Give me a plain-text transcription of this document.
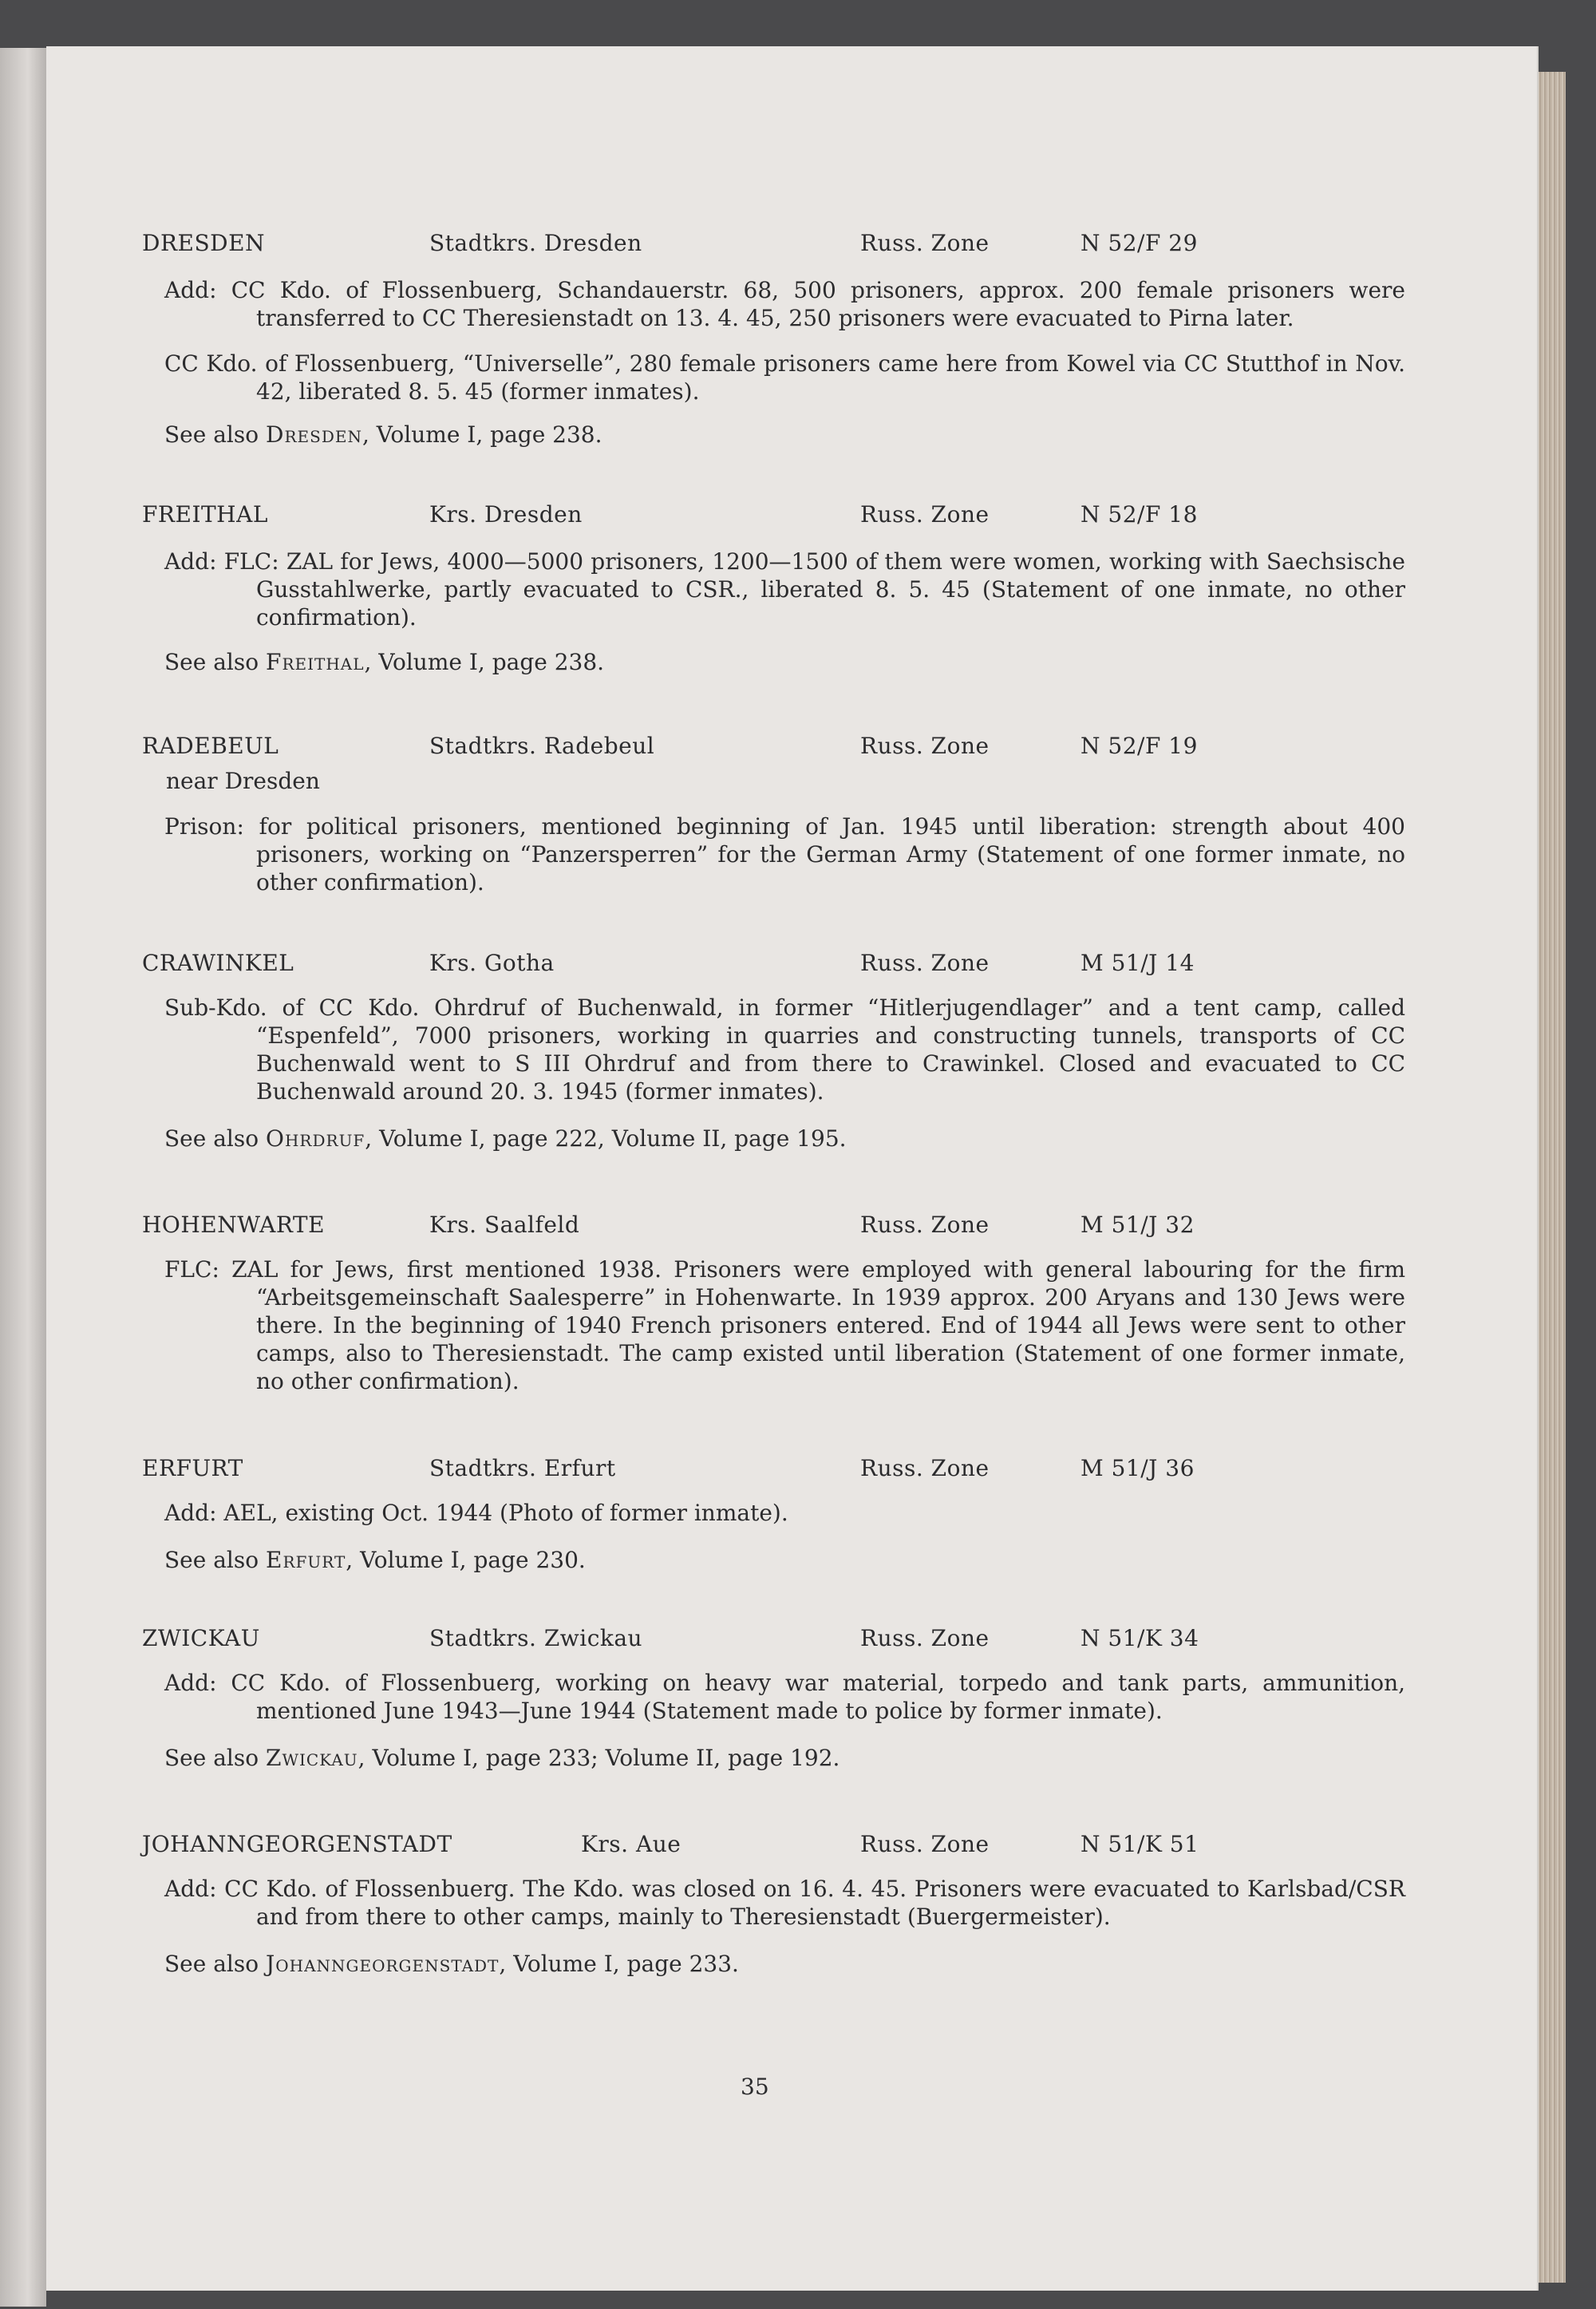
DRESDEN	Stadtkrs. Dresden	Russ. Zone	N 52/F 29

Add: CC Kdo. of Flossenbuerg, Schandauerstr. 68, 500 prisoners, approx. 200 female prisoners were transferred to CC Theresienstadt on 13. 4. 45, 250 prisoners were evacuated to Pirna later.

CC Kdo. of Flossenbuerg, “Universelle”, 280 female prisoners came here from Kowel via CC Stutthof in Nov. 42, liberated 8. 5. 45 (former inmates).

See also Dresden, Volume I, page 238.
FREITHAL	Krs. Dresden	Russ. Zone	N 52/F 18

Add: FLC: ZAL for Jews, 4000—5000 prisoners, 1200—1500 of them were women, working with Saechsische Gusstahlwerke, partly evacuated to CSR., liberated 8. 5. 45 (Statement of one inmate, no other confirmation).

See also Freithal, Volume I, page 238.
RADEBEUL	Stadtkrs. Radebeul	Russ. Zone	N 52/F 19
near Dresden

Prison: for political prisoners, mentioned beginning of Jan. 1945 until liberation: strength about 400 prisoners, working on “Panzersperren” for the German Army (Statement of one former inmate, no other confirmation).

CRAWINKEL	Krs. Gotha	Russ. Zone	M 51/J 14

Sub-Kdo. of CC Kdo. Ohrdruf of Buchenwald, in former “Hitlerjugendlager” and a tent camp, called “Espenfeld”, 7000 prisoners, working in quarries and constructing tunnels, transports of CC Buchenwald went to S III Ohrdruf and from there to Crawinkel. Closed and evacuated to CC Buchenwald around 20. 3. 1945 (former inmates).

See also Ohrdruf, Volume I, page 222, Volume II, page 195.
HOHENWARTE	Krs. Saalfeld	Russ. Zone	M 51/J 32

FLC: ZAL for Jews, first mentioned 1938. Prisoners were employed with general labouring for the firm “Arbeitsgemeinschaft Saalesperre” in Hohenwarte. In 1939 approx. 200 Aryans and 130 Jews were there. In the beginning of 1940 French prisoners entered. End of 1944 all Jews were sent to other camps, also to Theresienstadt. The camp existed until liberation (Statement of one former inmate, no other confirmation).

ERFURT	Stadtkrs. Erfurt	Russ. Zone	M 51/J 36

Add: AEL, existing Oct. 1944 (Photo of former inmate).

See also Erfurt, Volume I, page 230.
ZWICKAU	Stadtkrs. Zwickau	Russ. Zone	N 51/K 34

Add: CC Kdo. of Flossenbuerg, working on heavy war material, torpedo and tank parts, ammunition, mentioned June 1943—June 1944 (Statement made to police by former inmate).

See also Zwickau, Volume I, page 233; Volume II, page 192.
JOHANNGEORGENSTADT	Krs. Aue	Russ. Zone	N 51/K 51

Add: CC Kdo. of Flossenbuerg. The Kdo. was closed on 16. 4. 45. Prisoners were evacuated to Karlsbad/CSR and from there to other camps, mainly to Theresienstadt (Buergermeister).

See also Johanngeorgenstadt, Volume I, page 233.
35
